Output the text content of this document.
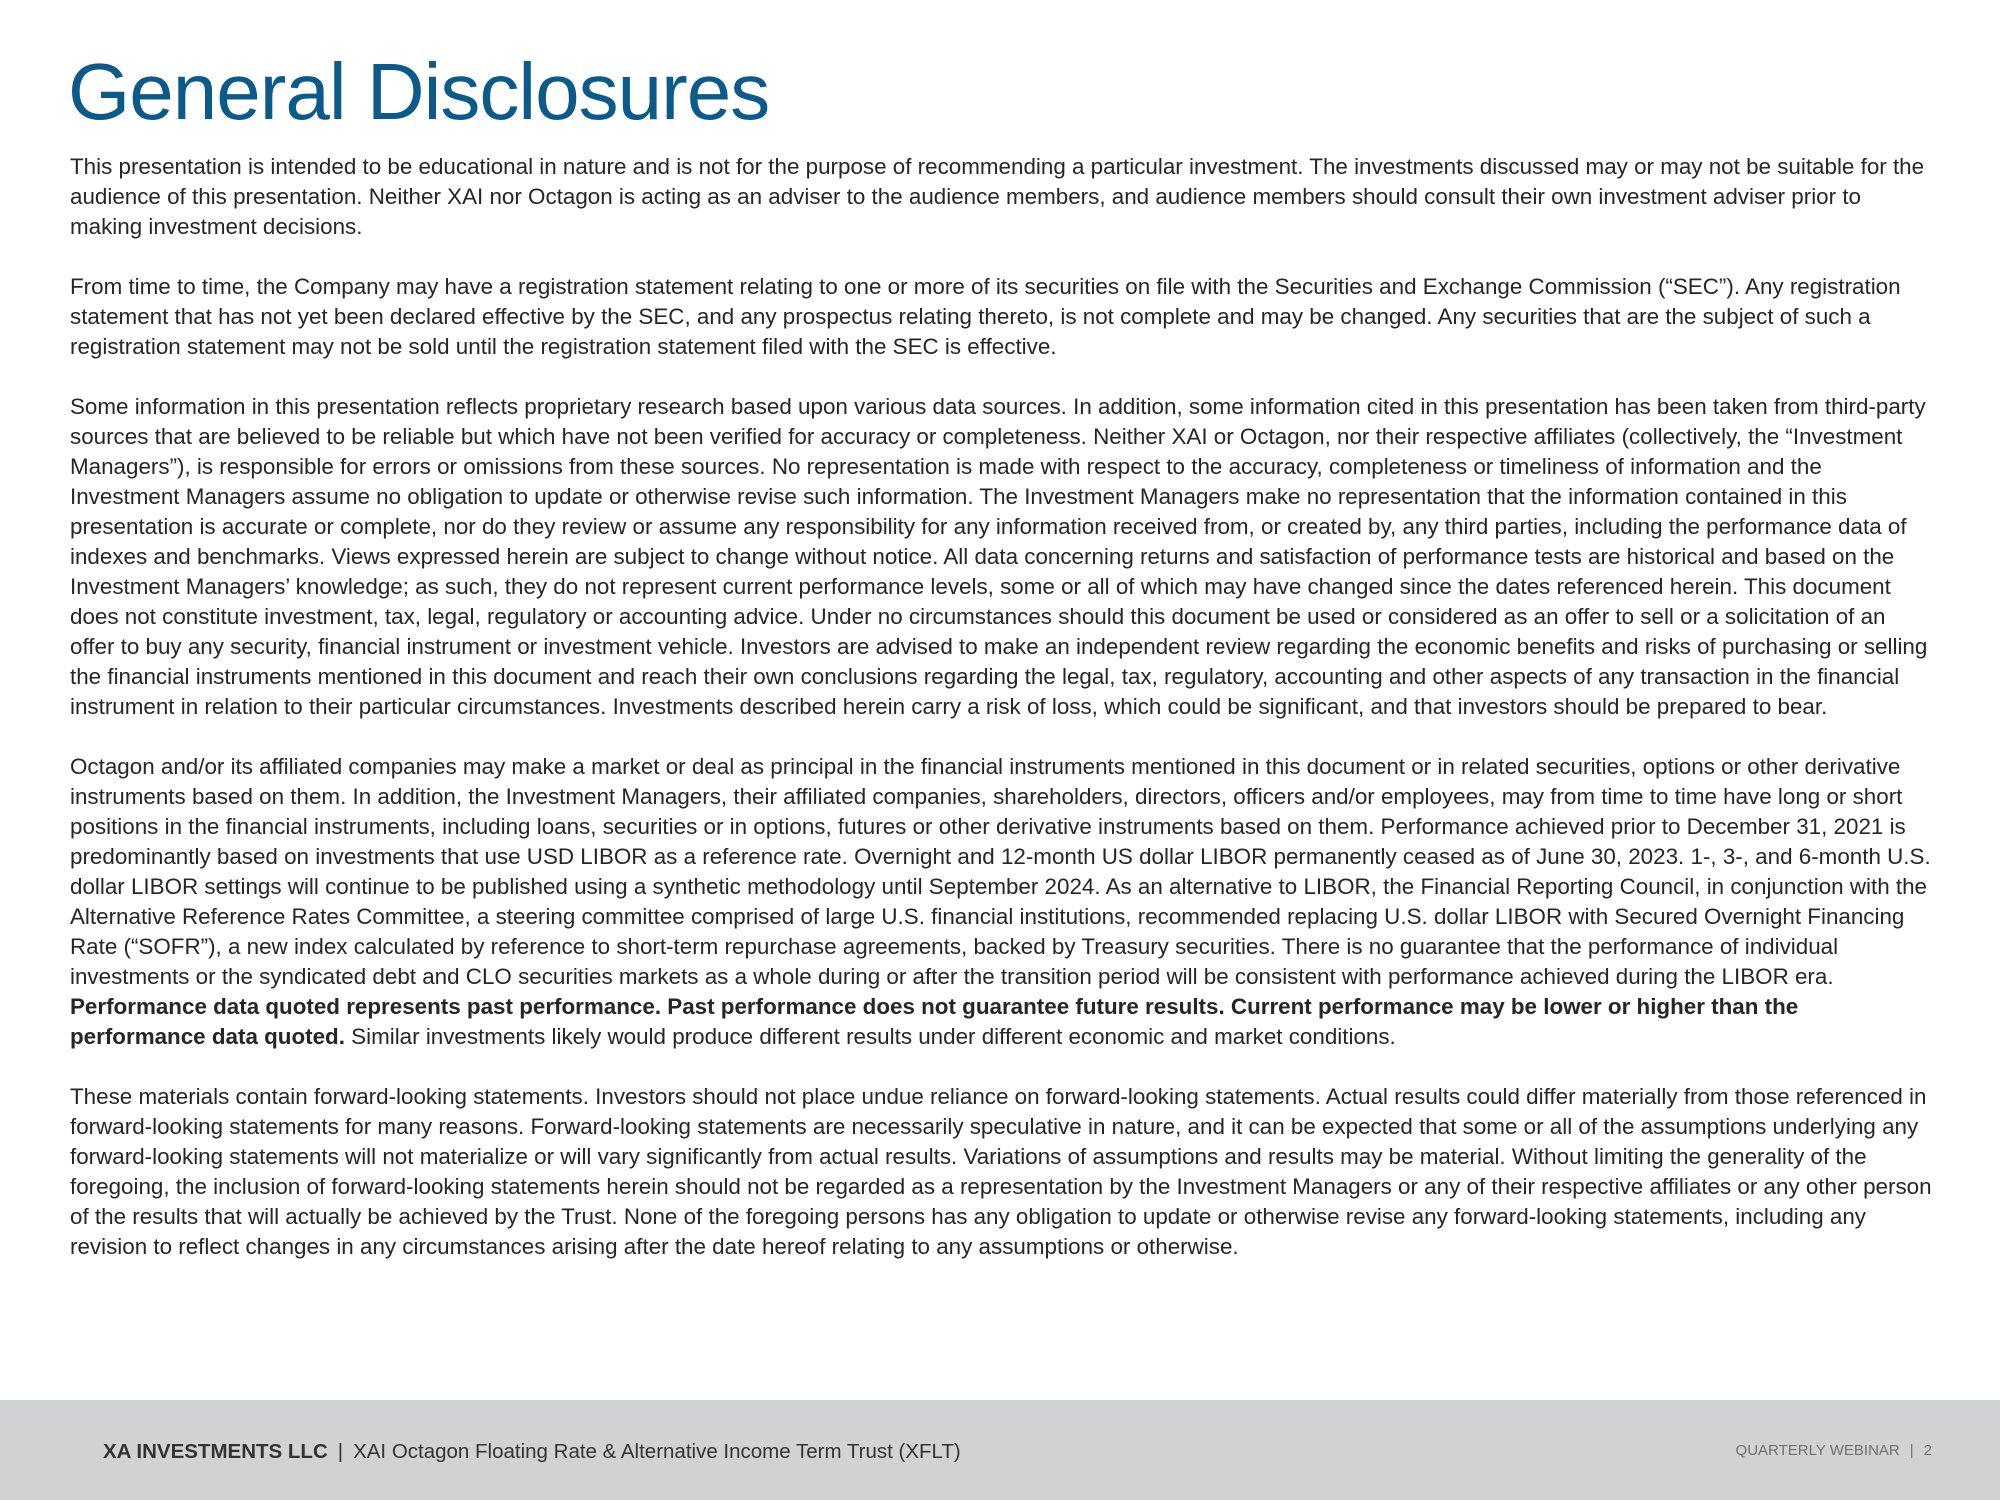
General Disclosures

This presentation is intended to be educational in nature and is not for the purpose of recommending a particular investment. The investments discussed may or may not be suitable for the audience of this presentation. Neither XAI nor Octagon is acting as an adviser to the audience members, and audience members should consult their own investment adviser prior to making investment decisions.

From time to time, the Company may have a registration statement relating to one or more of its securities on file with the Securities and Exchange Commission (“SEC”). Any registration statement that has not yet been declared effective by the SEC, and any prospectus relating thereto, is not complete and may be changed. Any securities that are the subject of such a registration statement may not be sold until the registration statement filed with the SEC is effective.

Some information in this presentation reflects proprietary research based upon various data sources. In addition, some information cited in this presentation has been taken from third-party sources that are believed to be reliable but which have not been verified for accuracy or completeness. Neither XAI or Octagon, nor their respective affiliates (collectively, the “Investment Managers”), is responsible for errors or omissions from these sources. No representation is made with respect to the accuracy, completeness or timeliness of information and the Investment Managers assume no obligation to update or otherwise revise such information. The Investment Managers make no representation that the information contained in this presentation is accurate or complete, nor do they review or assume any responsibility for any information received from, or created by, any third parties, including the performance data of indexes and benchmarks. Views expressed herein are subject to change without notice. All data concerning returns and satisfaction of performance tests are historical and based on the Investment Managers’ knowledge; as such, they do not represent current performance levels, some or all of which may have changed since the dates referenced herein. This document does not constitute investment, tax, legal, regulatory or accounting advice. Under no circumstances should this document be used or considered as an offer to sell or a solicitation of an offer to buy any security, financial instrument or investment vehicle. Investors are advised to make an independent review regarding the economic benefits and risks of purchasing or selling the financial instruments mentioned in this document and reach their own conclusions regarding the legal, tax, regulatory, accounting and other aspects of any transaction in the financial instrument in relation to their particular circumstances. Investments described herein carry a risk of loss, which could be significant, and that investors should be prepared to bear.

Octagon and/or its affiliated companies may make a market or deal as principal in the financial instruments mentioned in this document or in related securities, options or other derivative instruments based on them. In addition, the Investment Managers, their affiliated companies, shareholders, directors, officers and/or employees, may from time to time have long or short positions in the financial instruments, including loans, securities or in options, futures or other derivative instruments based on them. Performance achieved prior to December 31, 2021 is predominantly based on investments that use USD LIBOR as a reference rate. Overnight and 12-month US dollar LIBOR permanently ceased as of June 30, 2023. 1-, 3-, and 6-month U.S. dollar LIBOR settings will continue to be published using a synthetic methodology until September 2024. As an alternative to LIBOR, the Financial Reporting Council, in conjunction with the Alternative Reference Rates Committee, a steering committee comprised of large U.S. financial institutions, recommended replacing U.S. dollar LIBOR with Secured Overnight Financing Rate (“SOFR”), a new index calculated by reference to short-term repurchase agreements, backed by Treasury securities. There is no guarantee that the performance of individual investments or the syndicated debt and CLO securities markets as a whole during or after the transition period will be consistent with performance achieved during the LIBOR era. Performance data quoted represents past performance. Past performance does not guarantee future results. Current performance may be lower or higher than the performance data quoted. Similar investments likely would produce different results under different economic and market conditions.

These materials contain forward-looking statements. Investors should not place undue reliance on forward-looking statements. Actual results could differ materially from those referenced in forward-looking statements for many reasons. Forward-looking statements are necessarily speculative in nature, and it can be expected that some or all of the assumptions underlying any forward-looking statements will not materialize or will vary significantly from actual results. Variations of assumptions and results may be material. Without limiting the generality of the foregoing, the inclusion of forward-looking statements herein should not be regarded as a representation by the Investment Managers or any of their respective affiliates or any other person of the results that will actually be achieved by the Trust. None of the foregoing persons has any obligation to update or otherwise revise any forward-looking statements, including any revision to reflect changes in any circumstances arising after the date hereof relating to any assumptions or otherwise.

XA INVESTMENTS LLC | XAI Octagon Floating Rate & Alternative Income Term Trust (XFLT)	QUARTERLY WEBINAR | 2
